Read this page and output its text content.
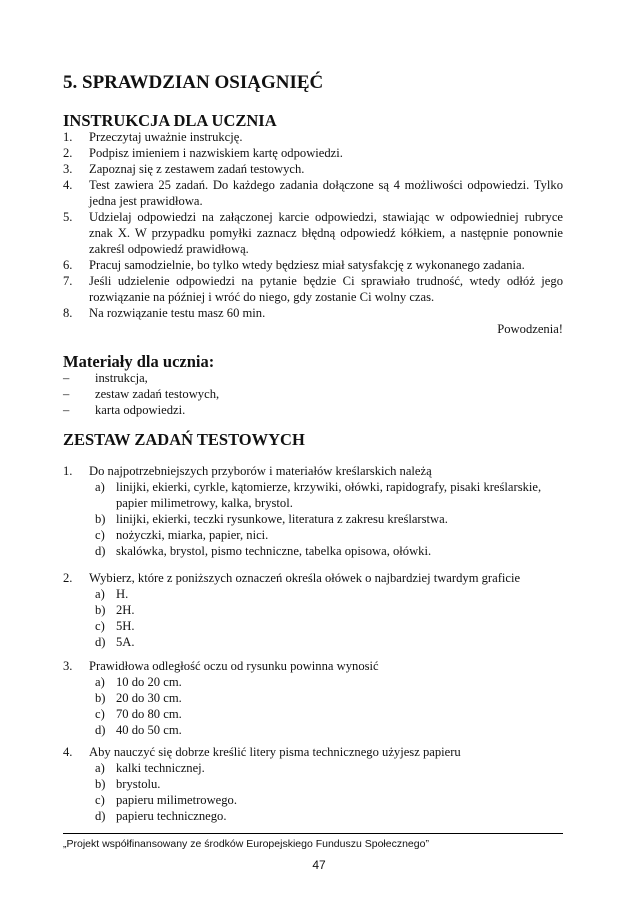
5. SPRAWDZIAN OSIĄGNIĘĆ
INSTRUKCJA DLA UCZNIA
1.	Przeczytaj uważnie instrukcję.
2.	Podpisz imieniem i nazwiskiem kartę odpowiedzi.
3.	Zapoznaj się z zestawem zadań testowych.
4.	Test zawiera 25 zadań. Do każdego zadania dołączone są 4 możliwości odpowiedzi. Tylko jedna jest prawidłowa.
5.	Udzielaj odpowiedzi na załączonej karcie odpowiedzi, stawiając w odpowiedniej rubryce znak X. W przypadku pomyłki zaznacz błędną odpowiedź kółkiem, a następnie ponownie zakreśl odpowiedź prawidłową.
6.	Pracuj samodzielnie, bo tylko wtedy będziesz miał satysfakcję z wykonanego zadania.
7.	Jeśli udzielenie odpowiedzi na pytanie będzie Ci sprawiało trudność, wtedy odłóż jego rozwiązanie na później i wróć do niego, gdy zostanie Ci wolny czas.
8.	Na rozwiązanie testu masz 60 min.
Powodzenia!
Materiały dla ucznia:
–	instrukcja,
–	zestaw zadań testowych,
–	karta odpowiedzi.
ZESTAW ZADAŃ TESTOWYCH
1.	Do najpotrzebniejszych przyborów i materiałów kreślarskich należą
a) linijki, ekierki, cyrkle, kątomierze, krzywiki, ołówki, rapidografy, pisaki kreślarskie, papier milimetrowy, kalka, brystol.
b) linijki, ekierki, teczki rysunkowe, literatura z zakresu kreślarstwa.
c) nożyczki, miarka, papier, nici.
d) skalówka, brystol, pismo techniczne, tabelka opisowa, ołówki.
2.	Wybierz, które z poniższych oznaczeń określa ołówek o najbardziej twardym graficie
a) H.
b) 2H.
c) 5H.
d) 5A.
3.	Prawidłowa odległość oczu od rysunku powinna wynosić
a) 10 do 20 cm.
b) 20 do 30 cm.
c) 70 do 80 cm.
d) 40 do 50 cm.
4.	Aby nauczyć się dobrze kreślić litery pisma technicznego użyjesz papieru
a) kalki technicznej.
b) brystolu.
c) papieru milimetrowego.
d) papieru technicznego.
„Projekt współfinansowany ze środków Europejskiego Funduszu Społecznego”
47
